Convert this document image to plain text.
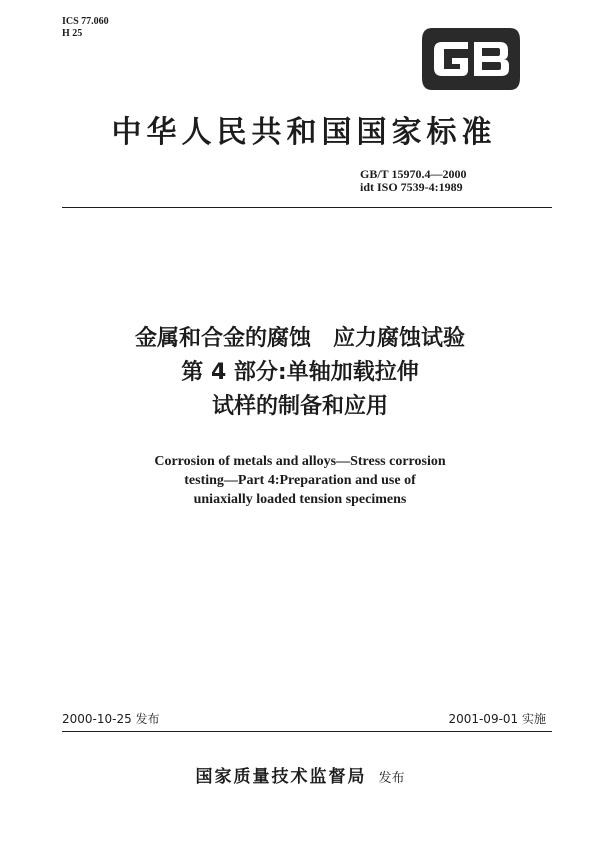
ICS 77.060
H 25
中华人民共和国国家标准
GB/T 15970.4—2000
idt ISO 7539-4:1989
金属和合金的腐蚀　应力腐蚀试验
第 4 部分:单轴加载拉伸
试样的制备和应用
Corrosion of metals and alloys—Stress corrosion
testing—Part 4:Preparation and use of
uniaxially loaded tension specimens
2000-10-25 发布	2001-09-01 实施
国家质量技术监督局 发布
